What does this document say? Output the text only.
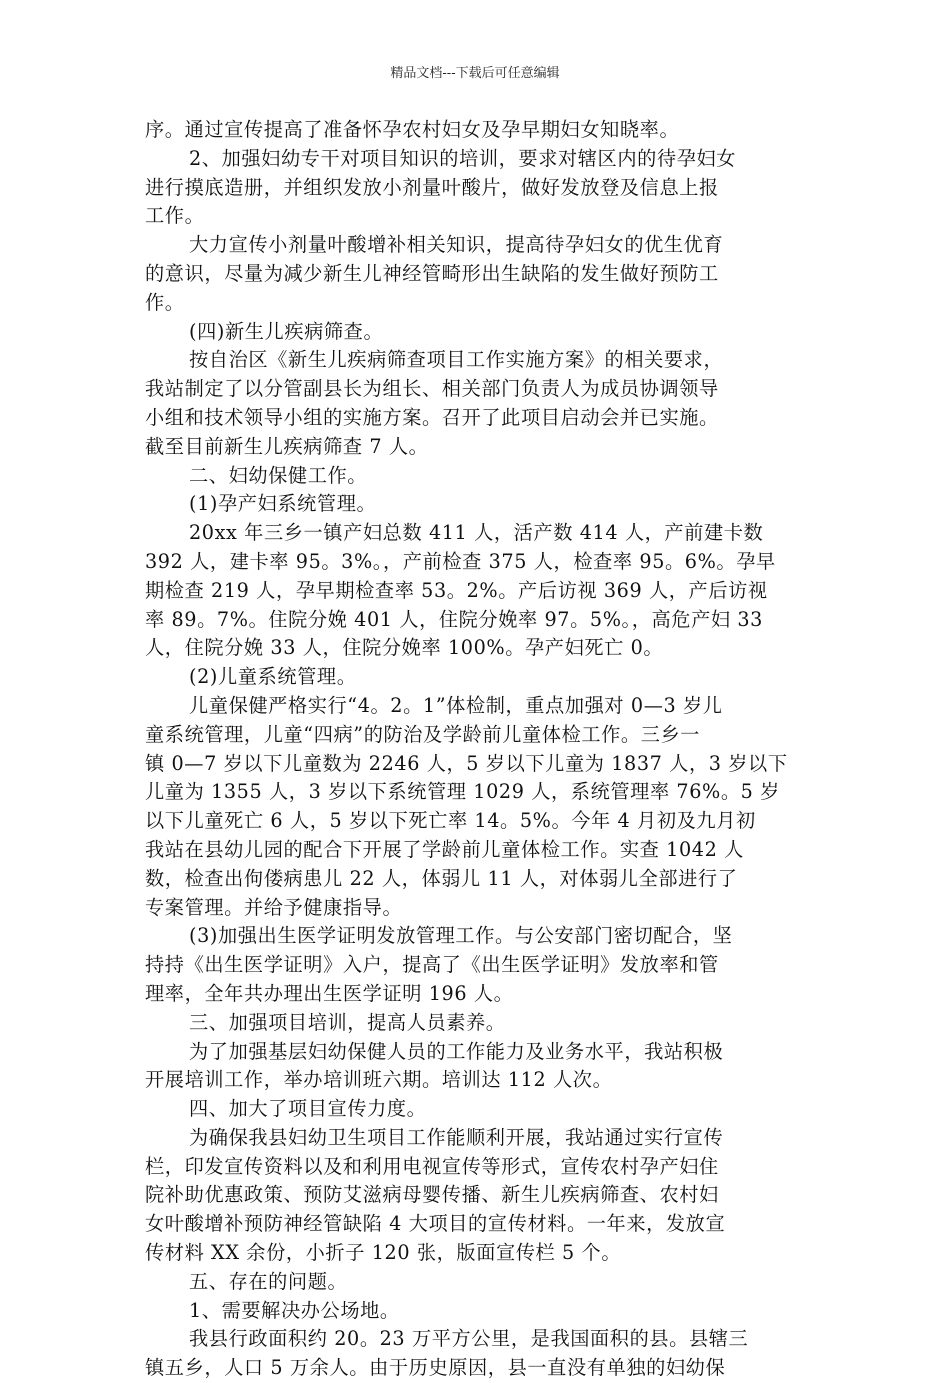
精品文档---下载后可任意编辑
序。通过宣传提高了准备怀孕农村妇女及孕早期妇女知晓率。
2、加强妇幼专干对项目知识的培训，要求对辖区内的待孕妇女
进行摸底造册，并组织发放小剂量叶酸片，做好发放登及信息上报
工作。
大力宣传小剂量叶酸增补相关知识，提高待孕妇女的优生优育
的意识，尽量为减少新生儿神经管畸形出生缺陷的发生做好预防工
作。
(四)新生儿疾病筛查。
按自治区《新生儿疾病筛查项目工作实施方案》的相关要求，
我站制定了以分管副县长为组长、相关部门负责人为成员协调领导
小组和技术领导小组的实施方案。召开了此项目启动会并已实施。
截至目前新生儿疾病筛查 7 人。
二、妇幼保健工作。
(1)孕产妇系统管理。
20xx 年三乡一镇产妇总数 411 人，活产数 414 人，产前建卡数
392 人，建卡率 95。3%。，产前检查 375 人，检查率 95。6%。孕早
期检查 219 人，孕早期检查率 53。2%。产后访视 369 人，产后访视
率 89。7%。住院分娩 401 人，住院分娩率 97。5%。，高危产妇 33
人，住院分娩 33 人，住院分娩率 100%。孕产妇死亡 0。
(2)儿童系统管理。
儿童保健严格实行“4。2。1”体检制，重点加强对 0—3 岁儿
童系统管理，儿童“四病”的防治及学龄前儿童体检工作。三乡一
镇 0—7 岁以下儿童数为 2246 人，5 岁以下儿童为 1837 人，3 岁以下
儿童为 1355 人，3 岁以下系统管理 1029 人，系统管理率 76%。5 岁
以下儿童死亡 6 人，5 岁以下死亡率 14。5%。今年 4 月初及九月初
我站在县幼儿园的配合下开展了学龄前儿童体检工作。实查 1042 人
数，检查出佝偻病患儿 22 人，体弱儿 11 人，对体弱儿全部进行了
专案管理。并给予健康指导。
(3)加强出生医学证明发放管理工作。与公安部门密切配合，坚
持持《出生医学证明》入户，提高了《出生医学证明》发放率和管
理率，全年共办理出生医学证明 196 人。
三、加强项目培训，提高人员素养。
为了加强基层妇幼保健人员的工作能力及业务水平，我站积极
开展培训工作，举办培训班六期。培训达 112 人次。
四、加大了项目宣传力度。
为确保我县妇幼卫生项目工作能顺利开展，我站通过实行宣传
栏，印发宣传资料以及和利用电视宣传等形式，宣传农村孕产妇住
院补助优惠政策、预防艾滋病母婴传播、新生儿疾病筛查、农村妇
女叶酸增补预防神经管缺陷 4 大项目的宣传材料。一年来，发放宣
传材料 XX 余份，小折子 120 张，版面宣传栏 5 个。
五、存在的问题。
1、需要解决办公场地。
我县行政面积约 20。23 万平方公里，是我国面积的县。县辖三
镇五乡，人口 5 万余人。由于历史原因，县一直没有单独的妇幼保
